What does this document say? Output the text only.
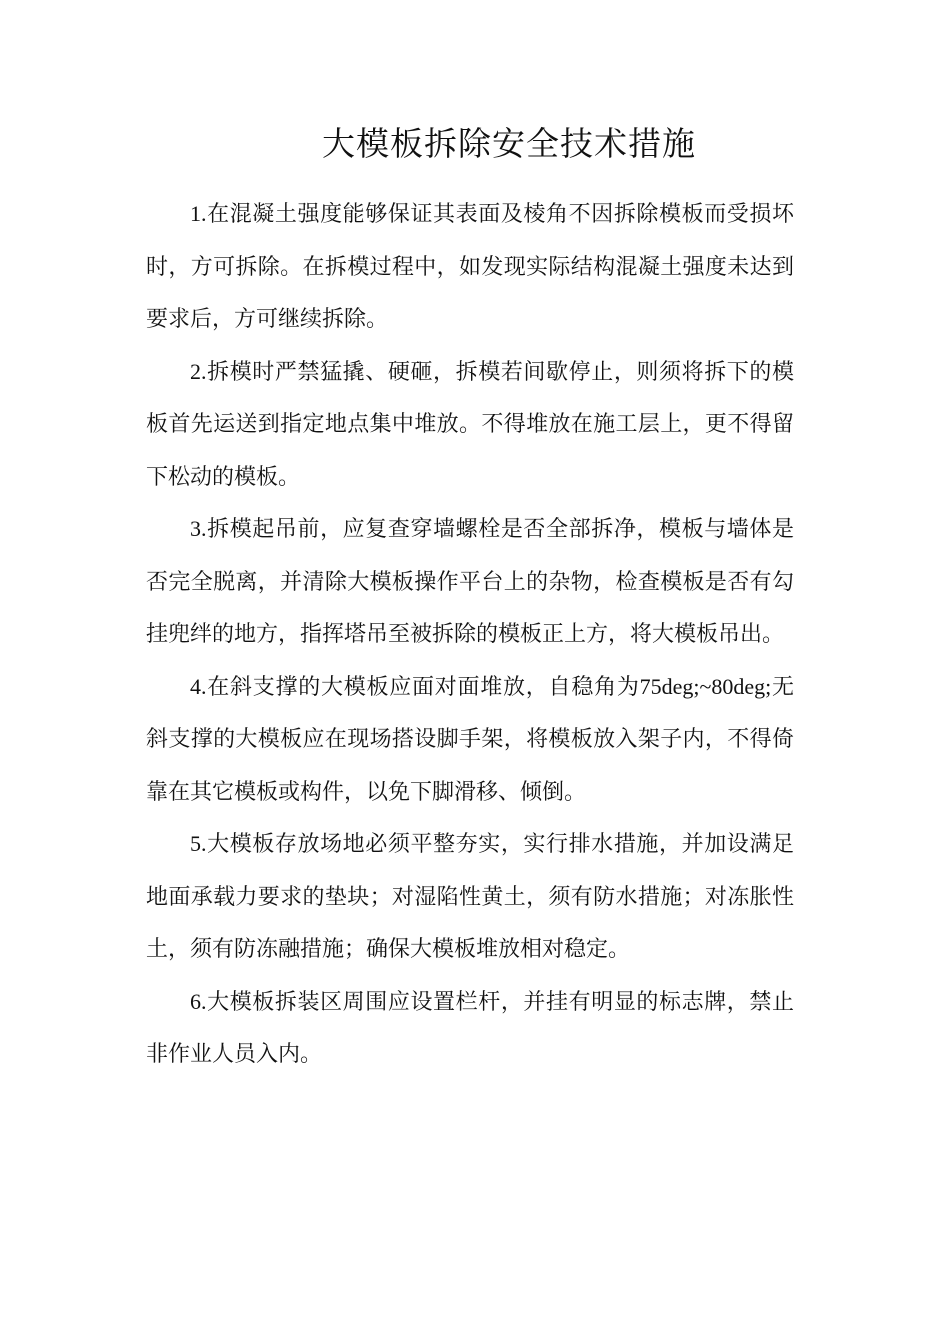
大模板拆除安全技术措施

1.在混凝土强度能够保证其表面及棱角不因拆除模板而受损坏时，方可拆除。在拆模过程中，如发现实际结构混凝土强度未达到要求后，方可继续拆除。

2.拆模时严禁猛撬、硬砸，拆模若间歇停止，则须将拆下的模板首先运送到指定地点集中堆放。不得堆放在施工层上，更不得留下松动的模板。

3.拆模起吊前，应复查穿墙螺栓是否全部拆净，模板与墙体是否完全脱离，并清除大模板操作平台上的杂物，检查模板是否有勾挂兜绊的地方，指挥塔吊至被拆除的模板正上方，将大模板吊出。

4.在斜支撑的大模板应面对面堆放，自稳角为75deg;~80deg;无斜支撑的大模板应在现场搭设脚手架，将模板放入架子内，不得倚靠在其它模板或构件，以免下脚滑移、倾倒。

5.大模板存放场地必须平整夯实，实行排水措施，并加设满足地面承载力要求的垫块；对湿陷性黄土，须有防水措施；对冻胀性土，须有防冻融措施；确保大模板堆放相对稳定。

6.大模板拆装区周围应设置栏杆，并挂有明显的标志牌，禁止非作业人员入内。
